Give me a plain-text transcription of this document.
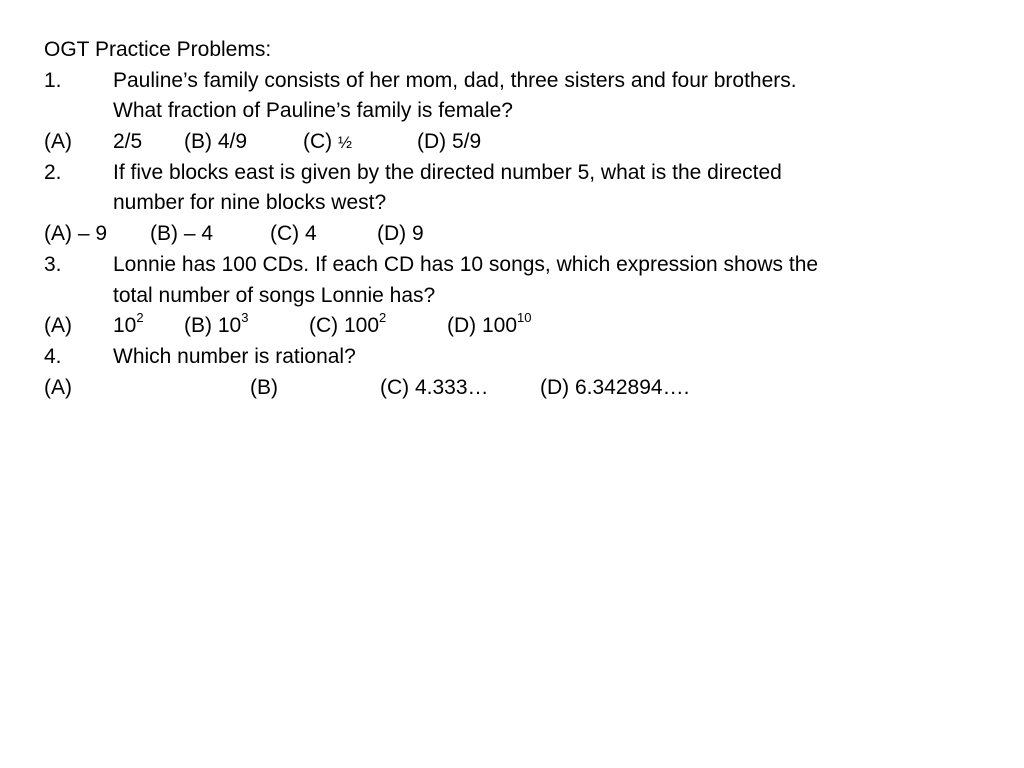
OGT Practice Problems:
1. Pauline’s family consists of her mom, dad, three sisters and four brothers.
What fraction of Pauline’s family is female?
(A) 2/5 (B) 4/9	(C) ½	(D) 5/9
2. If five blocks east is given by the directed number 5, what is the directed
number for nine blocks west?
(A) – 9 (B) – 4	(C) 4	(D) 9
3. Lonnie has 100 CDs. If each CD has 10 songs, which expression shows the
total number of songs Lonnie has?
(A) $10^2$ (B) $10^3$	(C) $100^2$	(D) $100^{10}$
4. Which number is rational?
(A)	(B)	(C) 4.333… (D) 6.342894….
